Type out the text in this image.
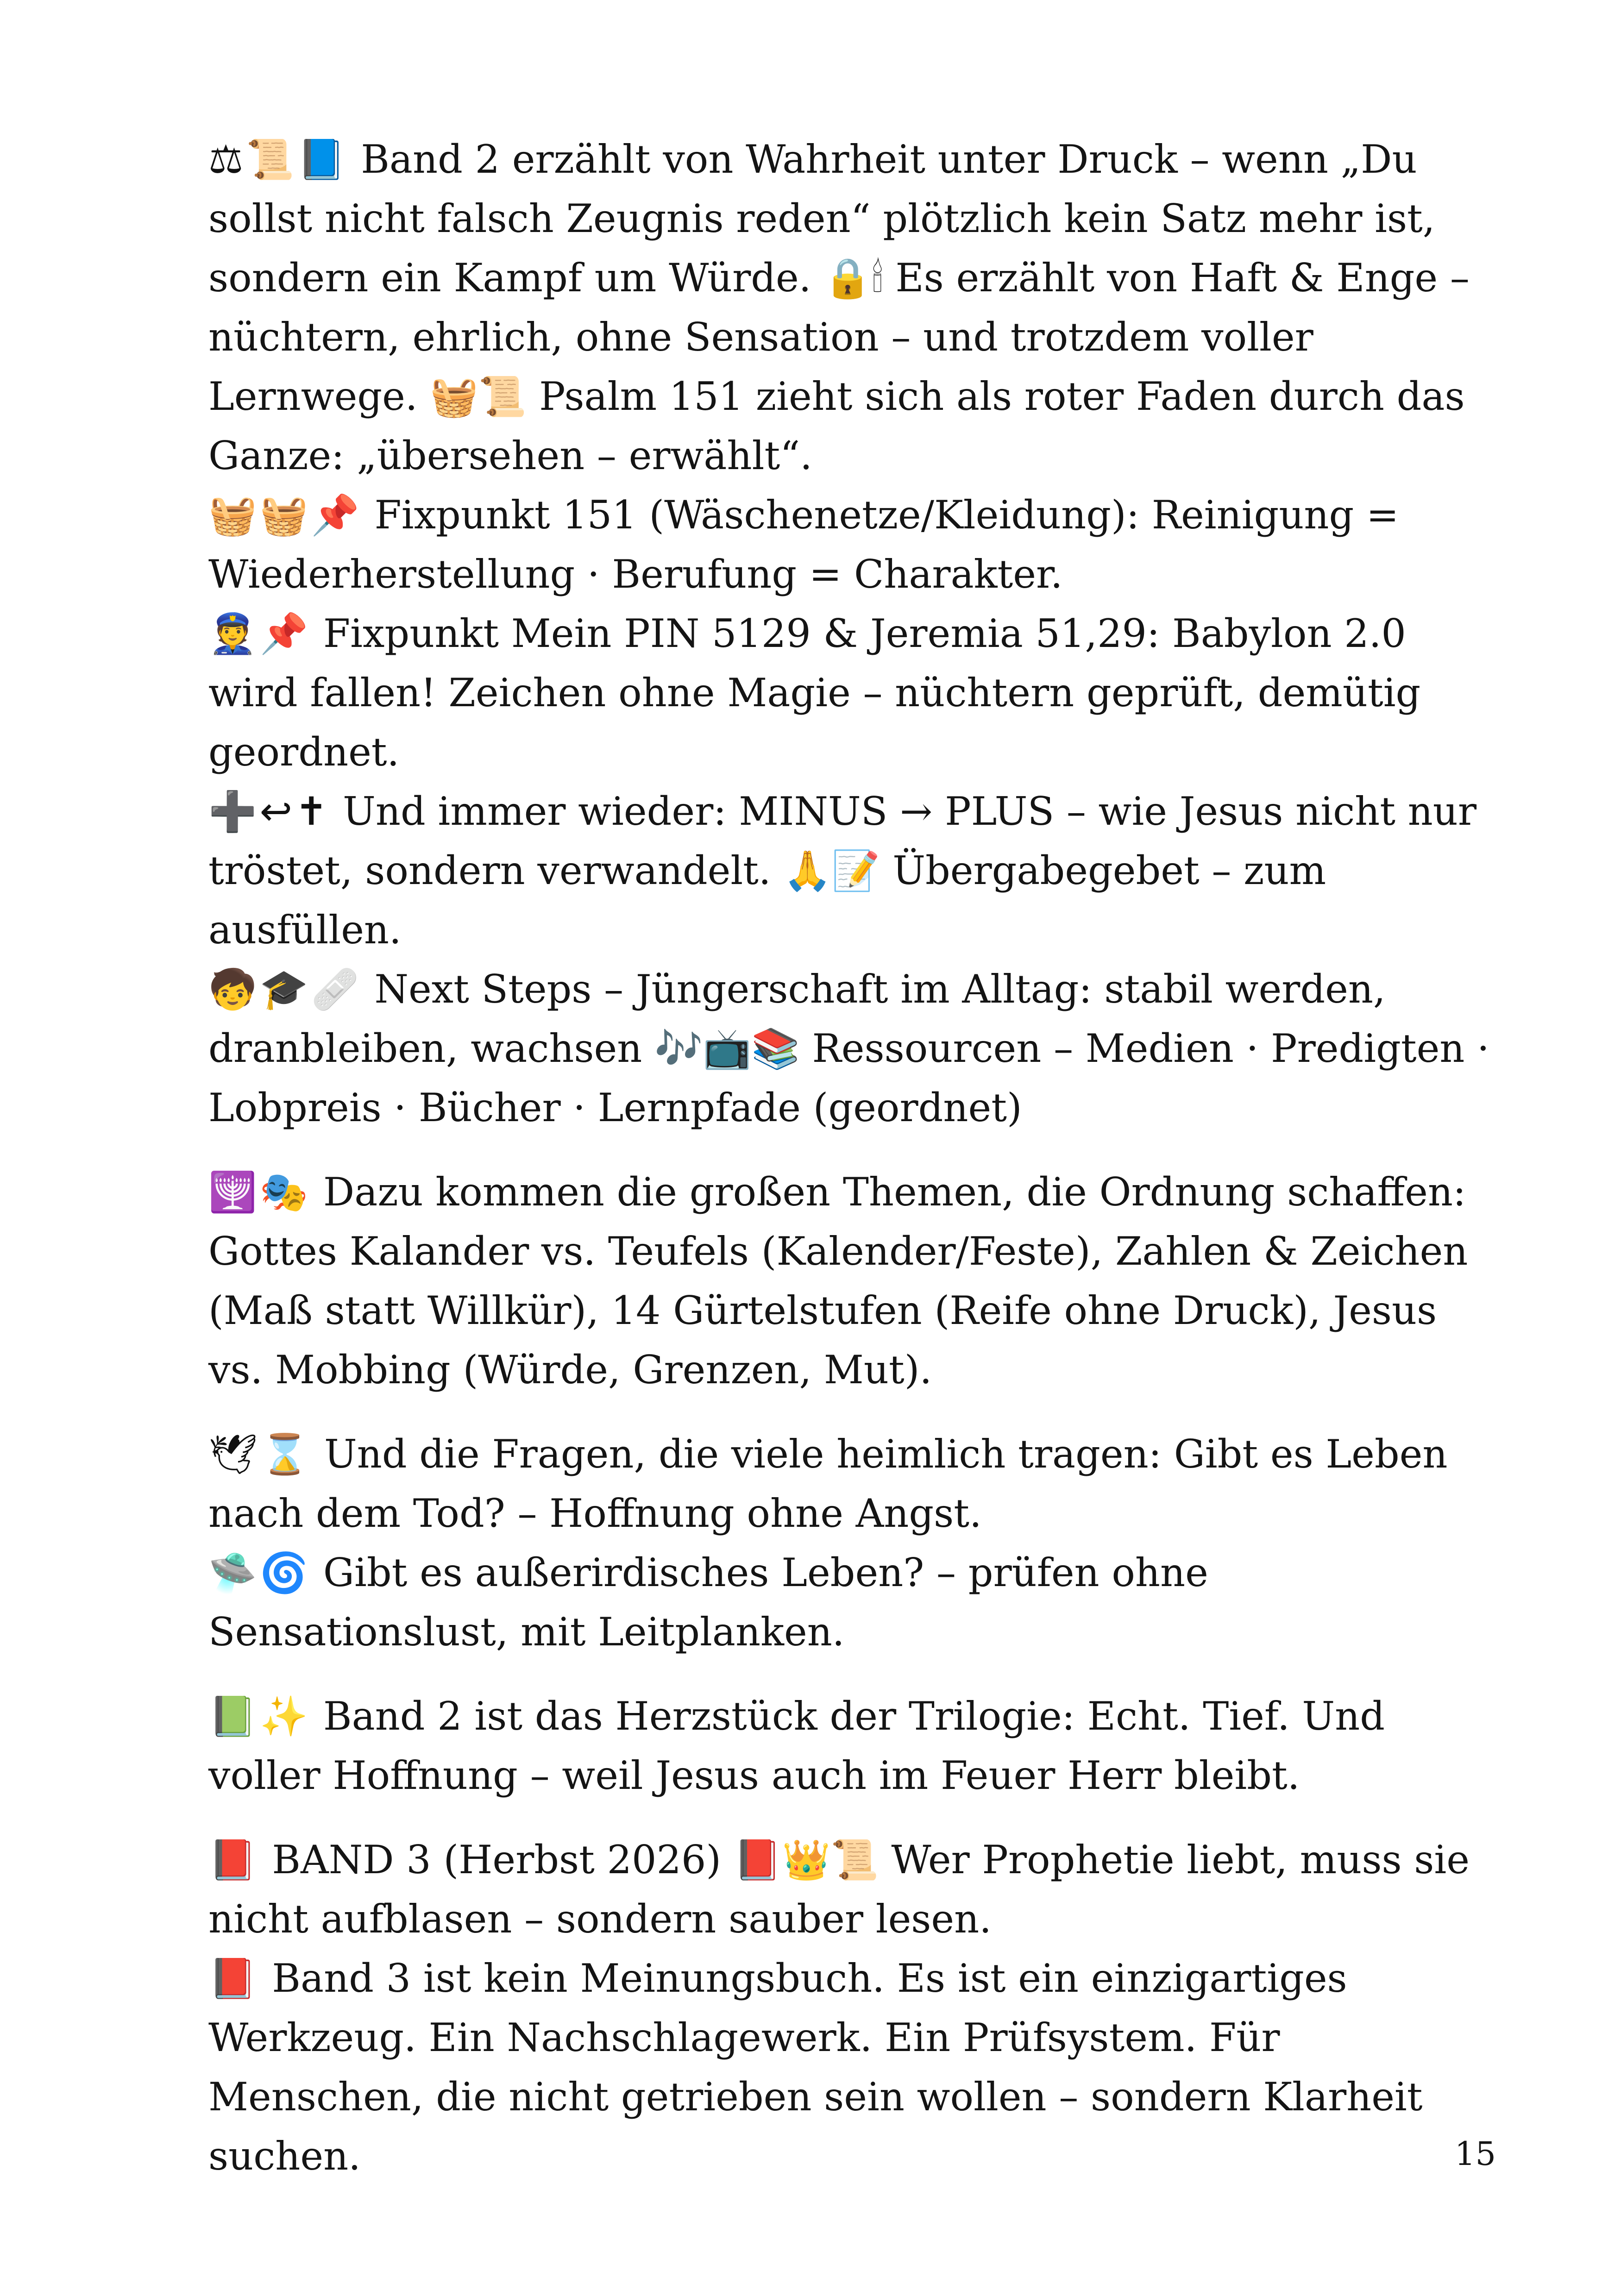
⚖📜📘 Band 2 erzählt von Wahrheit unter Druck – wenn „Du sollst nicht falsch Zeugnis reden“ plötzlich kein Satz mehr ist, sondern ein Kampf um Würde. 🔒🕯 Es erzählt von Haft & Enge – nüchtern, ehrlich, ohne Sensation – und trotzdem voller Lernwege. 🧺📜 Psalm 151 zieht sich als roter Faden durch das Ganze: „übersehen – erwählt“.

🧺🧺📌 Fixpunkt 151 (Wäschenetze/Kleidung): Reinigung = Wiederherstellung · Berufung = Charakter.

👮📌 Fixpunkt Mein PIN 5129 & Jeremia 51,29: Babylon 2.0 wird fallen! Zeichen ohne Magie – nüchtern geprüft, demütig geordnet.

➕↩✝ Und immer wieder: MINUS → PLUS – wie Jesus nicht nur tröstet, sondern verwandelt. 🙏📝 Übergabegebet – zum ausfüllen.

🧒🎓🩹 Next Steps – Jüngerschaft im Alltag: stabil werden, dranbleiben, wachsen 🎶📺📚 Ressourcen – Medien · Predigten · Lobpreis · Bücher · Lernpfade (geordnet)

🕎🎭 Dazu kommen die großen Themen, die Ordnung schaffen: Gottes Kalander vs. Teufels (Kalender/Feste), Zahlen & Zeichen (Maß statt Willkür), 14 Gürtelstufen (Reife ohne Druck), Jesus vs. Mobbing (Würde, Grenzen, Mut).

🕊⌛ Und die Fragen, die viele heimlich tragen: Gibt es Leben nach dem Tod? – Hoffnung ohne Angst.

🛸🌀 Gibt es außerirdisches Leben? – prüfen ohne Sensationslust, mit Leitplanken.

📗✨ Band 2 ist das Herzstück der Trilogie: Echt. Tief. Und voller Hoffnung – weil Jesus auch im Feuer Herr bleibt.

📕 BAND 3 (Herbst 2026) 📕👑📜 Wer Prophetie liebt, muss sie nicht aufblasen – sondern sauber lesen.

📕 Band 3 ist kein Meinungsbuch. Es ist ein einzigartiges Werkzeug. Ein Nachschlagewerk. Ein Prüfsystem. Für Menschen, die nicht getrieben sein wollen – sondern Klarheit suchen.	15
